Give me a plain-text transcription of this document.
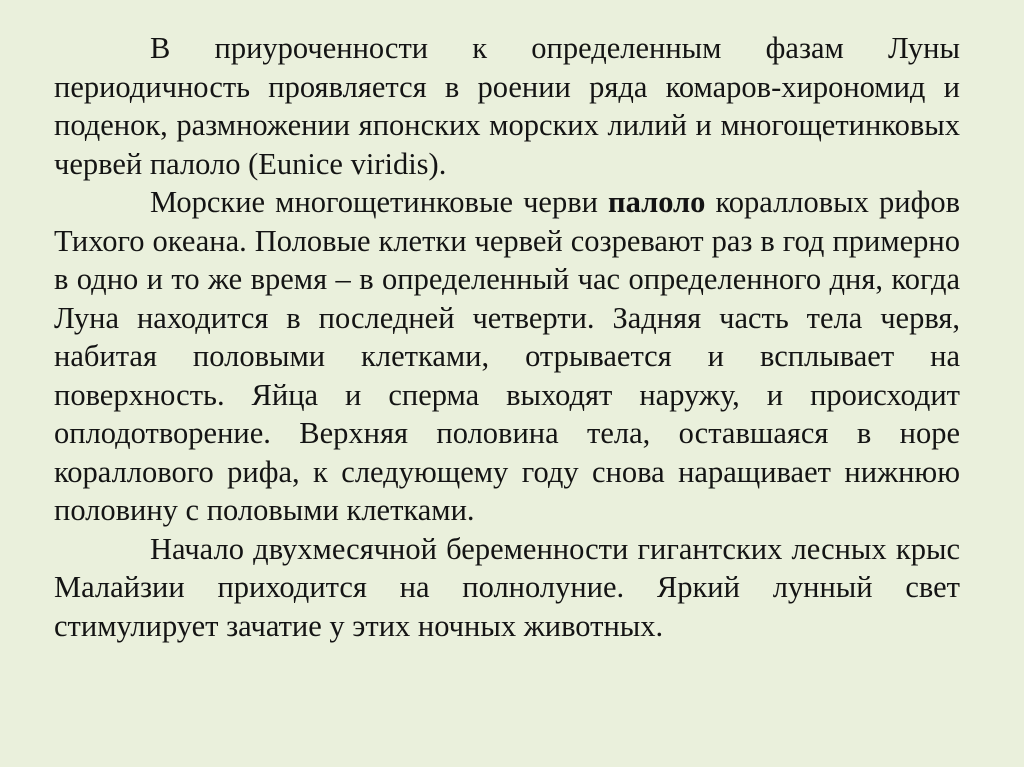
В приуроченности к определенным фазам Луны периодичность проявляется в роении ряда комаров-хирономид и поденок, размножении японских морских лилий и многощетинковых червей палоло (Eunice viridis).

Морские многощетинковые черви палоло коралловых рифов Тихого океана. Половые клетки червей созревают раз в год примерно в одно и то же время – в определенный час определенного дня, когда Луна находится в последней четверти. Задняя часть тела червя, набитая половыми клетками, отрывается и всплывает на поверхность. Яйца и сперма выходят наружу, и происходит оплодотворение. Верхняя половина тела, оставшаяся в норе кораллового рифа, к следующему году снова наращивает нижнюю половину с половыми клетками.

Начало двухмесячной беременности гигантских лесных крыс Малайзии приходится на полнолуние. Яркий лунный свет стимулирует зачатие у этих ночных животных.
